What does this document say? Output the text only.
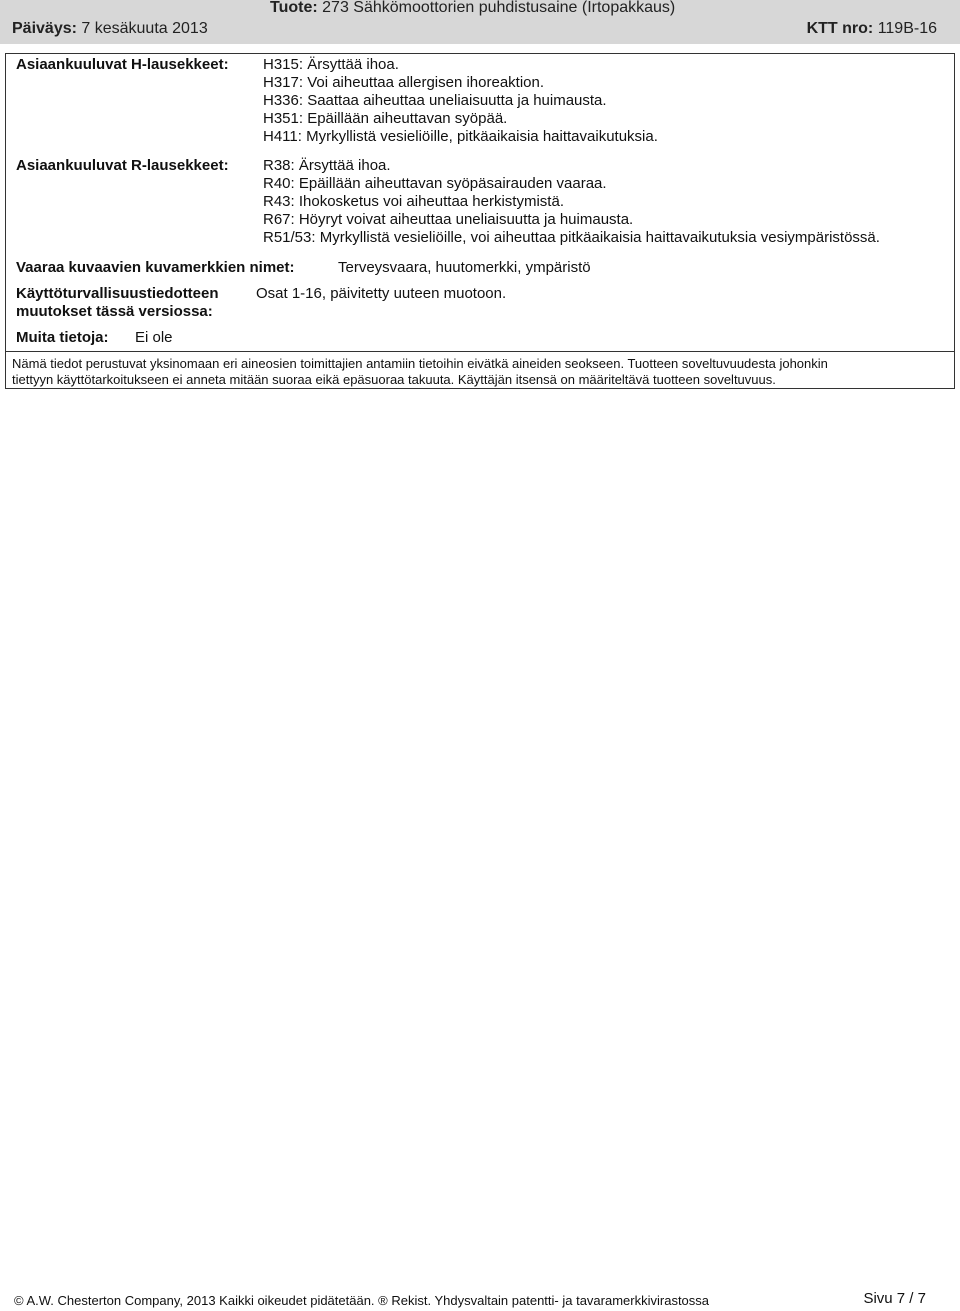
Tuote: 273 Sähkömoottorien puhdistusaine (Irtopakkaus)
Päiväys: 7 kesäkuuta 2013	KTT nro: 119B-16
Asiaankuuluvat H-lausekkeet: H315: Ärsyttää ihoa.
H317: Voi aiheuttaa allergisen ihoreaktion.
H336: Saattaa aiheuttaa uneliaisuutta ja huimausta.
H351: Epäillään aiheuttavan syöpää.
H411: Myrkyllistä vesieliöille, pitkäaikaisia haittavaikutuksia.
Asiaankuuluvat R-lausekkeet: R38: Ärsyttää ihoa.
R40: Epäillään aiheuttavan syöpäsairauden vaaraa.
R43: Ihokosketus voi aiheuttaa herkistymistä.
R67: Höyryt voivat aiheuttaa uneliaisuutta ja huimausta.
R51/53: Myrkyllistä vesieliöille, voi aiheuttaa pitkäaikaisia haittavaikutuksia vesiympäristössä.
Vaaraa kuvaavien kuvamerkkien nimet:	Terveysvaara, huutomerkki, ympäristö
Käyttöturvallisuustiedotteen
muutokset tässä versiossa:
Osat 1-16, päivitetty uuteen muotoon.
Muita tietoja: Ei ole
Nämä tiedot perustuvat yksinomaan eri aineosien toimittajien antamiin tietoihin eivätkä aineiden seokseen. Tuotteen soveltuvuudesta johonkin
tiettyyn käyttötarkoitukseen ei anneta mitään suoraa eikä epäsuoraa takuuta. Käyttäjän itsensä on määriteltävä tuotteen soveltuvuus.
© A.W. Chesterton Company, 2013 Kaikki oikeudet pidätetään. ® Rekist. Yhdysvaltain patentti- ja tavaramerkkivirastossa	Sivu 7 / 7
